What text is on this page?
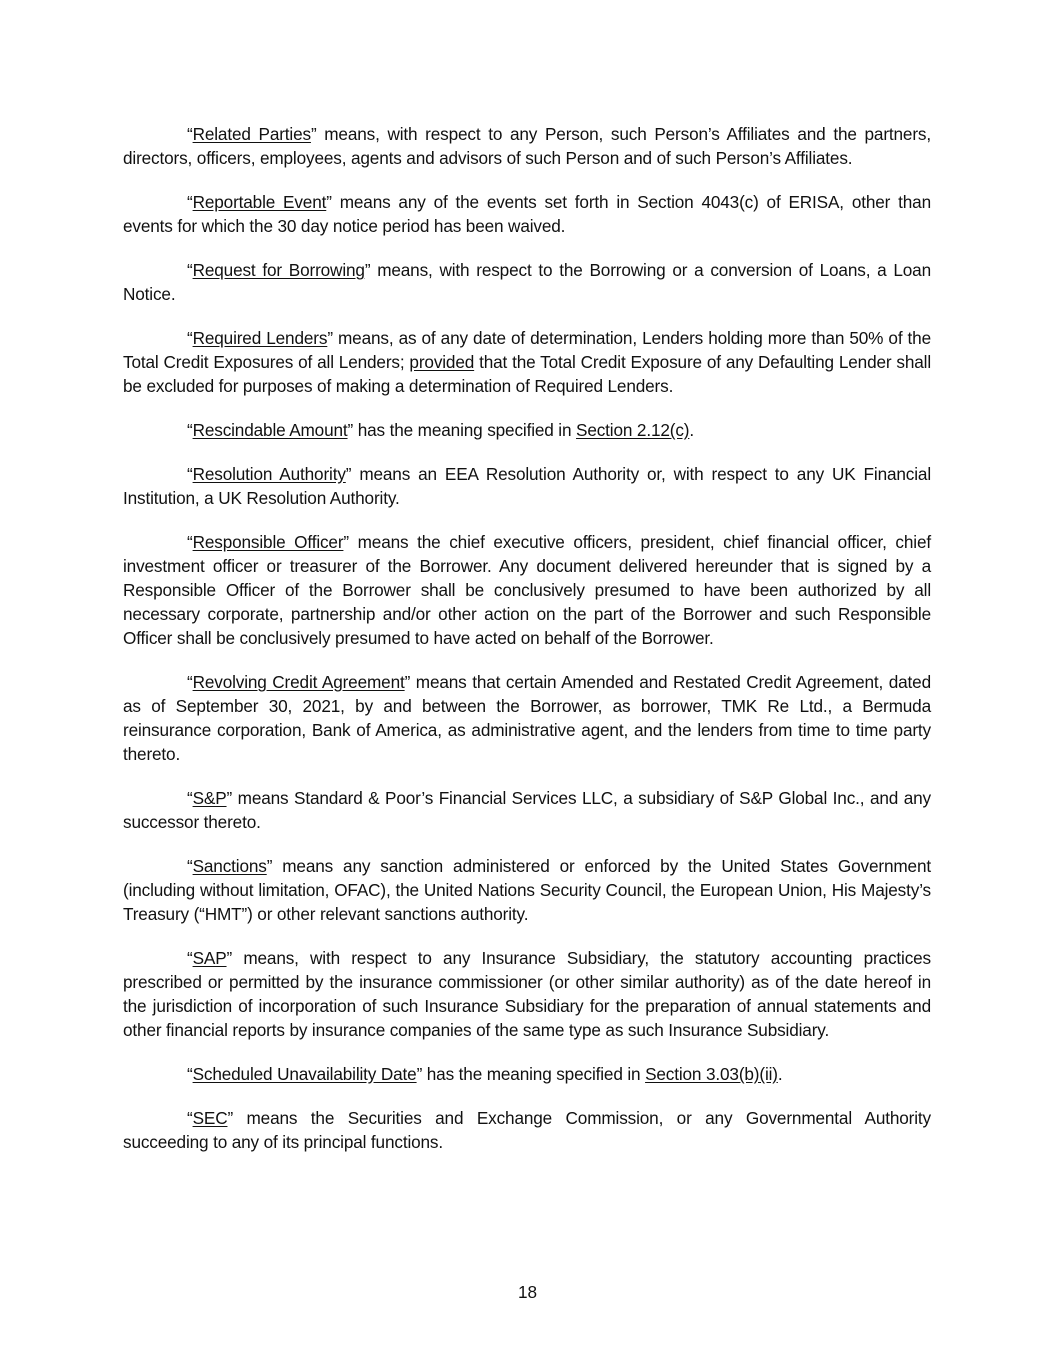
“Related Parties” means, with respect to any Person, such Person’s Affiliates and the partners, directors, officers, employees, agents and advisors of such Person and of such Person’s Affiliates.

“Reportable Event” means any of the events set forth in Section 4043(c) of ERISA, other than events for which the 30 day notice period has been waived.

“Request for Borrowing” means, with respect to the Borrowing or a conversion of Loans, a Loan Notice.

“Required Lenders” means, as of any date of determination, Lenders holding more than 50% of the Total Credit Exposures of all Lenders; provided that the Total Credit Exposure of any Defaulting Lender shall be excluded for purposes of making a determination of Required Lenders.

“Rescindable Amount” has the meaning specified in Section 2.12(c).

“Resolution Authority” means an EEA Resolution Authority or, with respect to any UK Financial Institution, a UK Resolution Authority.

“Responsible Officer” means the chief executive officers, president, chief financial officer, chief investment officer or treasurer of the Borrower. Any document delivered hereunder that is signed by a Responsible Officer of the Borrower shall be conclusively presumed to have been authorized by all necessary corporate, partnership and/or other action on the part of the Borrower and such Responsible Officer shall be conclusively presumed to have acted on behalf of the Borrower.

“Revolving Credit Agreement” means that certain Amended and Restated Credit Agreement, dated as of September 30, 2021, by and between the Borrower, as borrower, TMK Re Ltd., a Bermuda reinsurance corporation, Bank of America, as administrative agent, and the lenders from time to time party thereto.

“S&P” means Standard & Poor’s Financial Services LLC, a subsidiary of S&P Global Inc., and any successor thereto.

“Sanctions” means any sanction administered or enforced by the United States Government (including without limitation, OFAC), the United Nations Security Council, the European Union, His Majesty’s Treasury (“HMT”) or other relevant sanctions authority.

“SAP” means, with respect to any Insurance Subsidiary, the statutory accounting practices prescribed or permitted by the insurance commissioner (or other similar authority) as of the date hereof in the jurisdiction of incorporation of such Insurance Subsidiary for the preparation of annual statements and other financial reports by insurance companies of the same type as such Insurance Subsidiary.

“Scheduled Unavailability Date” has the meaning specified in Section 3.03(b)(ii).

“SEC” means the Securities and Exchange Commission, or any Governmental Authority succeeding to any of its principal functions.

18
